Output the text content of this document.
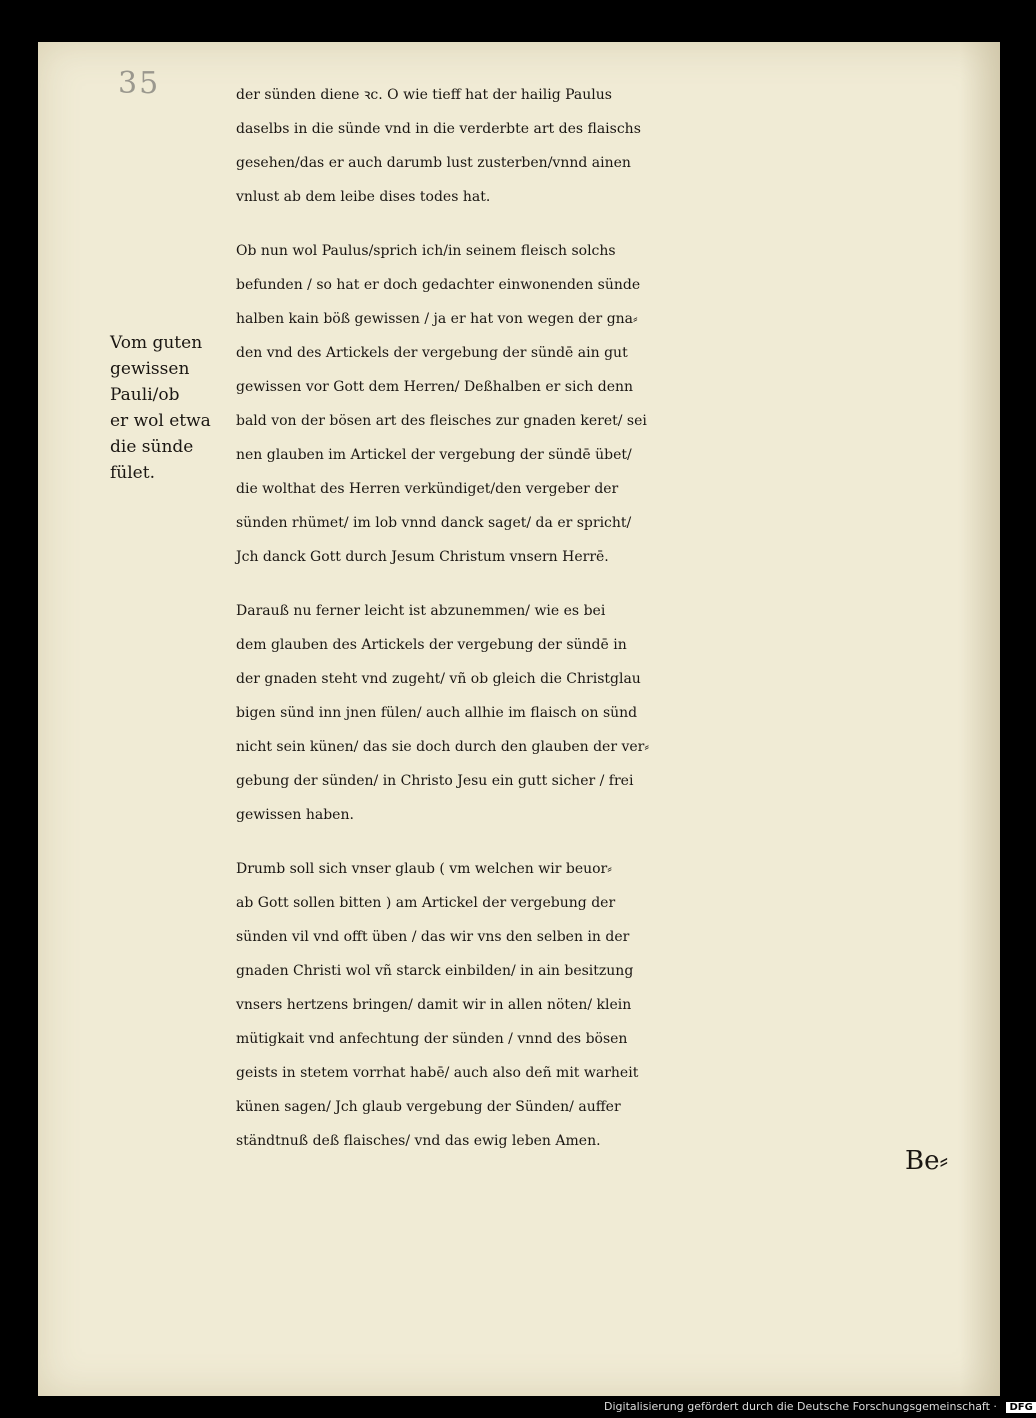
35	der sünden diene ꝛc. O wie tieff hat der hailig Paulus
daselbs in die sünde vnd in die verderbte art des flaischs
gesehen/das er auch darumb lust zusterben/vnnd ainen
vnlust ab dem leibe dises todes hat.
Ob nun wol Paulus/sprich ich/in seinem fleisch solchs
befunden / so hat er doch gedachter einwonenden sünde
halben kain böß gewissen / ja er hat von wegen der gna⸗
den vnd des Artickels der vergebung der sündē ain gut
gewissen vor Gott dem Herren/ Deßhalben er sich denn
bald von der bösen art des fleisches zur gnaden keret/ sei
nen glauben im Artickel der vergebung der sündē übet/
die wolthat des Herren verkündiget/den vergeber der
sünden rhümet/ im lob vnnd danck saget/ da er spricht/
Jch danck Gott durch Jesum Christum vnsern Herrē.
Darauß nu ferner leicht ist abzunemmen/ wie es bei
dem glauben des Artickels der vergebung der sündē in
der gnaden steht vnd zugeht/ vñ ob gleich die Christglau
bigen sünd inn jnen fülen/ auch allhie im flaisch on sünd
nicht sein künen/ das sie doch durch den glauben der ver⸗
gebung der sünden/ in Christo Jesu ein gutt sicher / frei
gewissen haben.
Drumb soll sich vnser glaub ( vm welchen wir beuor⸗
ab Gott sollen bitten ) am Artickel der vergebung der
sünden vil vnd offt üben / das wir vns den selben in der
gnaden Christi wol vñ starck einbilden/ in ain besitzung
vnsers hertzens bringen/ damit wir in allen nöten/ klein
mütigkait vnd anfechtung der sünden / vnnd des bösen
geists in stetem vorrhat habē/ auch also deñ mit warheit
künen sagen/ Jch glaub vergebung der Sünden/ auffer
ständtnuß deß flaisches/ vnd das ewig leben Amen.
Vom guten
gewissen
Pauli/ob
er wol etwa
die sünde
fület.
Be⸗
Digitalisierung gefördert durch die Deutsche Forschungsgemeinschaft · DFG
